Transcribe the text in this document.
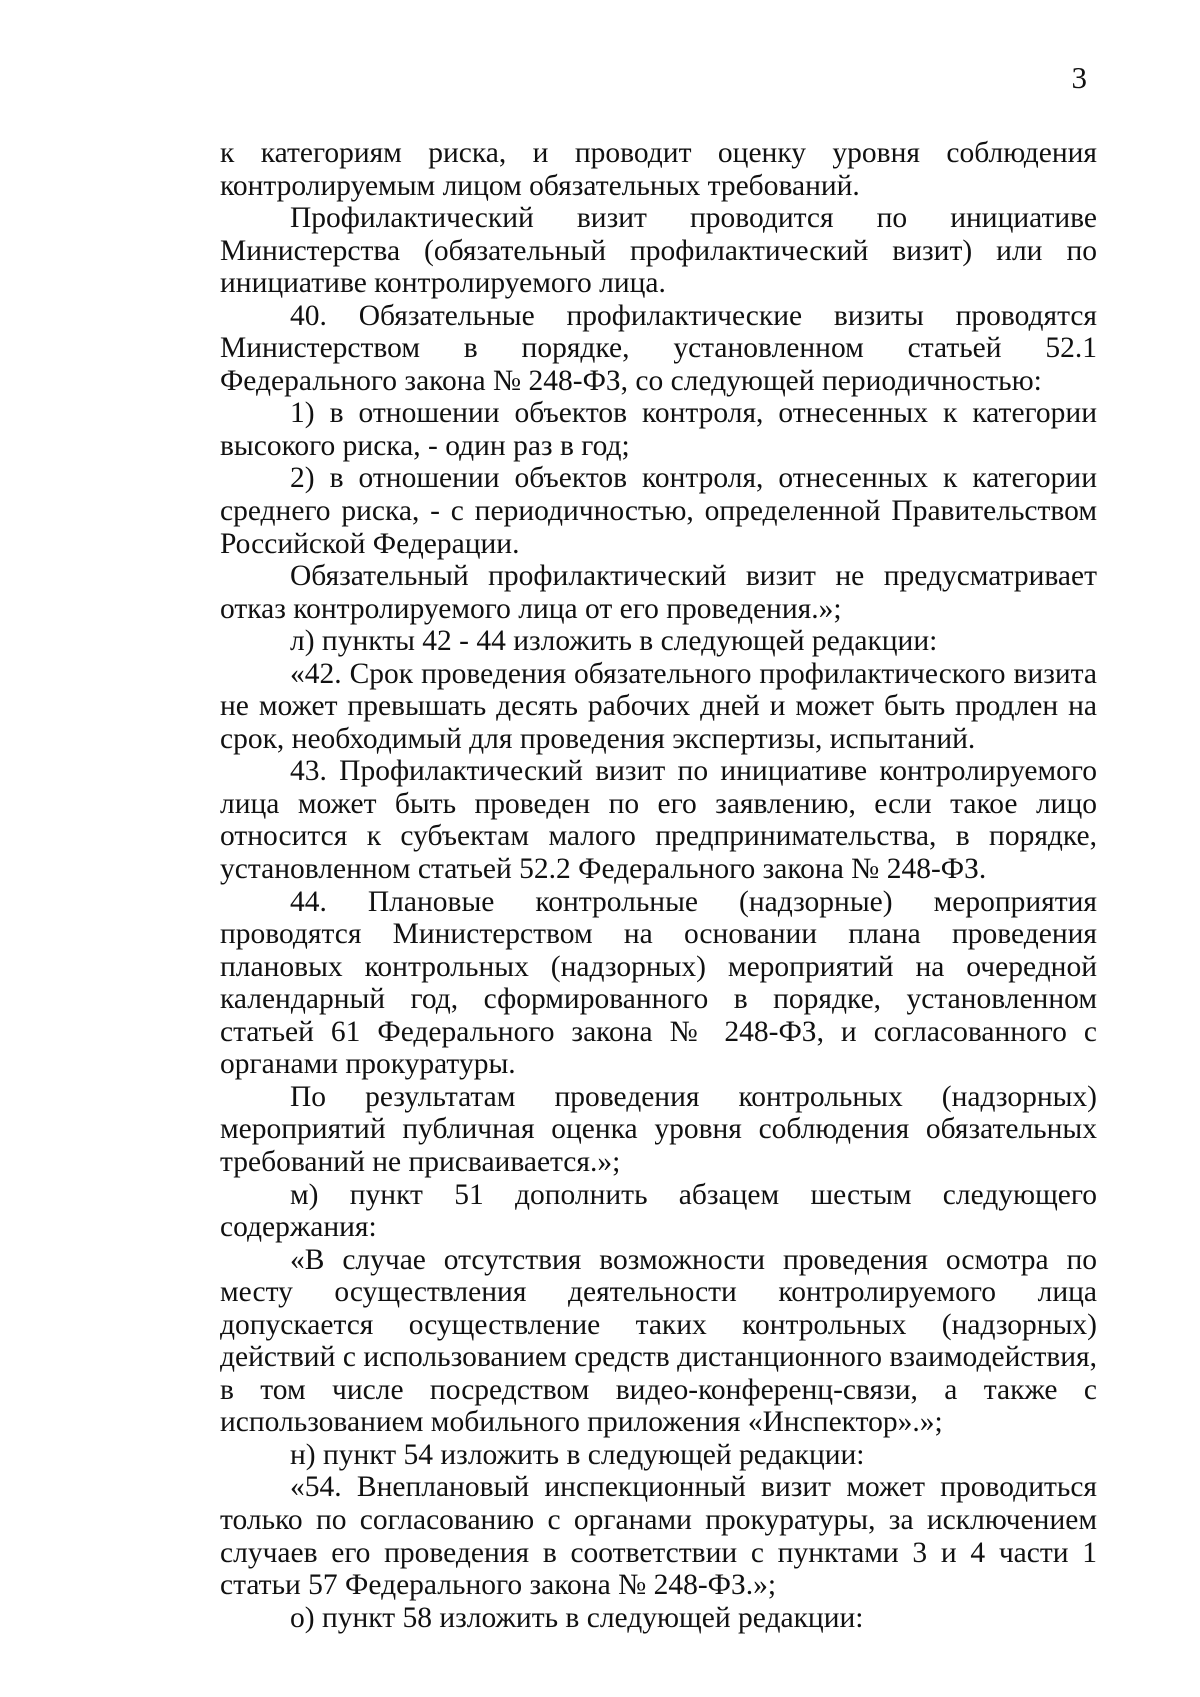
3

к категориям риска, и проводит оценку уровня соблюдения контролируемым лицом обязательных требований.

Профилактический визит проводится по инициативе Министерства (обязательный профилактический визит) или по инициативе контролируемого лица.

40. Обязательные профилактические визиты проводятся Министерством в порядке, установленном статьей 52.1 Федерального закона № 248-ФЗ, со следующей периодичностью:

1) в отношении объектов контроля, отнесенных к категории высокого риска, - один раз в год;

2) в отношении объектов контроля, отнесенных к категории среднего риска, - с периодичностью, определенной Правительством Российской Федерации.

Обязательный профилактический визит не предусматривает отказ контролируемого лица от его проведения.»;

л) пункты 42 - 44 изложить в следующей редакции:

«42. Срок проведения обязательного профилактического визита не может превышать десять рабочих дней и может быть продлен на срок, необходимый для проведения экспертизы, испытаний.

43. Профилактический визит по инициативе контролируемого лица может быть проведен по его заявлению, если такое лицо относится к субъектам малого предпринимательства, в порядке, установленном статьей 52.2 Федерального закона № 248-ФЗ.

44. Плановые контрольные (надзорные) мероприятия проводятся Министерством на основании плана проведения плановых контрольных (надзорных) мероприятий на очередной календарный год, сформированного в порядке, установленном статьей 61 Федерального закона № 248-ФЗ, и согласованного с органами прокуратуры.

По результатам проведения контрольных (надзорных) мероприятий публичная оценка уровня соблюдения обязательных требований не присваивается.»;

м) пункт 51 дополнить абзацем шестым следующего содержания:

«В случае отсутствия возможности проведения осмотра по месту осуществления деятельности контролируемого лица допускается осуществление таких контрольных (надзорных) действий с использованием средств дистанционного взаимодействия, в том числе посредством видео-конференц-связи, а также с использованием мобильного приложения «Инспектор».»;

н) пункт 54 изложить в следующей редакции:

«54. Внеплановый инспекционный визит может проводиться только по согласованию с органами прокуратуры, за исключением случаев его проведения в соответствии с пунктами 3 и 4 части 1 статьи 57 Федерального закона № 248-ФЗ.»;

о) пункт 58 изложить в следующей редакции:
